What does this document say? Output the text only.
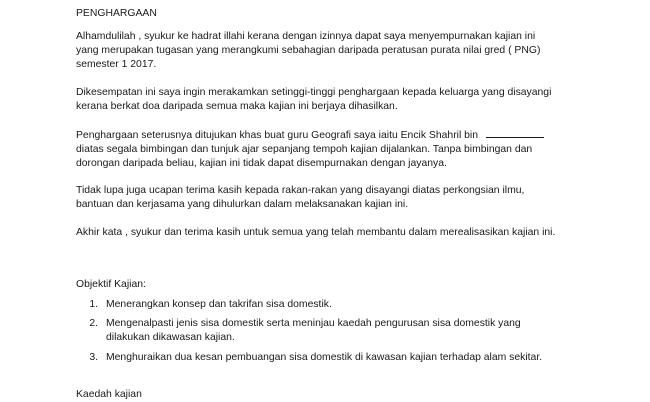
PENGHARGAAN
Alhamdulilah , syukur ke hadrat illahi kerana dengan izinnya dapat saya menyempurnakan kajian ini
yang merupakan tugasan yang merangkumi sebahagian daripada peratusan purata nilai gred ( PNG)
semester 1 2017.
Dikesempatan ini saya ingin merakamkan setinggi-tinggi penghargaan kepada keluarga yang disayangi
kerana berkat doa daripada semua maka kajian ini berjaya dihasilkan.
Penghargaan seterusnya ditujukan khas buat guru Geografi saya iaitu Encik Shahril bin
diatas segala bimbingan dan tunjuk ajar sepanjang tempoh kajian dijalankan. Tanpa bimbingan dan
dorongan daripada beliau, kajian ini tidak dapat disempurnakan dengan jayanya.
Tidak lupa juga ucapan terima kasih kepada rakan-rakan yang disayangi diatas perkongsian ilmu,
bantuan dan kerjasama yang dihulurkan dalam melaksanakan kajian ini.
Akhir kata , syukur dan terima kasih untuk semua yang telah membantu dalam merealisasikan kajian ini.
Objektif Kajian:
1. Menerangkan konsep dan takrifan sisa domestik.
2. Mengenalpasti jenis sisa domestik serta meninjau kaedah pengurusan sisa domestik yang
dilakukan dikawasan kajian.
3. Menghuraikan dua kesan pembuangan sisa domestik di kawasan kajian terhadap alam sekitar.
Kaedah kajian
